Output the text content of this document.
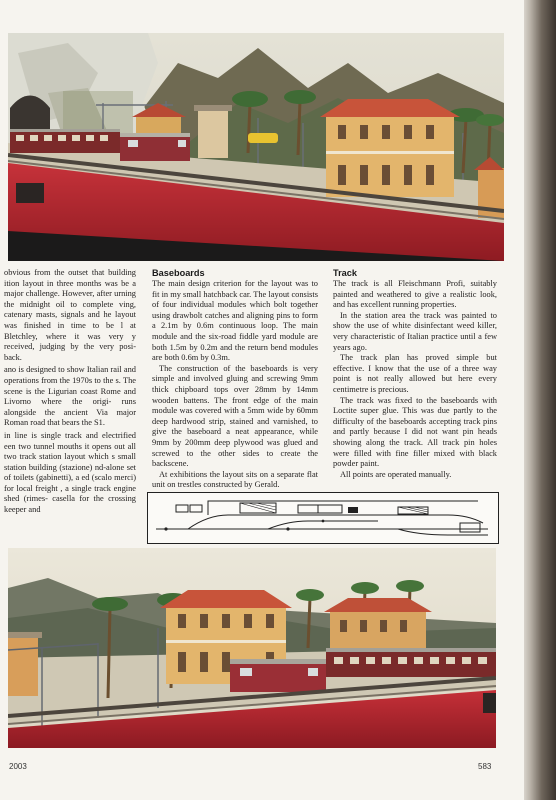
obvious from the outset that building ition layout in three months was be a major challenge. However, after urning the midnight oil to complete ving, catenary masts, signals and he layout was finished in time to be l at Bletchley, where it was very y received, judging by the very posi- back.

ano is designed to show Italian rail and operations from the 1970s to the s. The scene is the Ligurian coast Rome and Livorno where the origi- runs alongside the ancient Via major Roman road that bears the S1.

in line is single track and electrified een two tunnel mouths it opens out all two track station layout which s small station building (stazione) nd-alone set of toilets (gabinetti), a ed (scalo merci) for local freight , a single track engine shed (rimes- casella for the crossing keeper and

Baseboards

The main design criterion for the layout was to fit in my small hatchback car. The layout consists of four individual modules which bolt together using drawbolt catches and aligning pins to form a 2.1m by 0.6m continuous loop. The main module and the six-road fiddle yard module are both 1.5m by 0.2m and the return bend modules are both 0.6m by 0.3m.

The construction of the baseboards is very simple and involved gluing and screwing 9mm thick chipboard tops over 28mm by 14mm wooden battens. The front edge of the main module was covered with a 5mm wide by 60mm deep hardwood strip, stained and varnished, to give the baseboard a neat appearance, while 9mm by 200mm deep plywood was glued and screwed to the other sides to create the backscene.

At exhibitions the layout sits on a separate flat unit on trestles constructed by Gerald.

Track

The track is all Fleischmann Profi, suitably painted and weathered to give a realistic look, and has excellent running properties.

In the station area the track was painted to show the use of white disinfectant weed killer, very characteristic of Italian practice until a few years ago.

The track plan has proved simple but effective. I know that the use of a three way point is not really allowed but here every centimetre is precious.

The track was fixed to the baseboards with Loctite super glue. This was due partly to the difficulty of the baseboards accepting track pins and partly because I did not want pin heads showing along the track. All track pin holes were filled with fine filler mixed with black powder paint.

All points are operated manually.

2003	583
